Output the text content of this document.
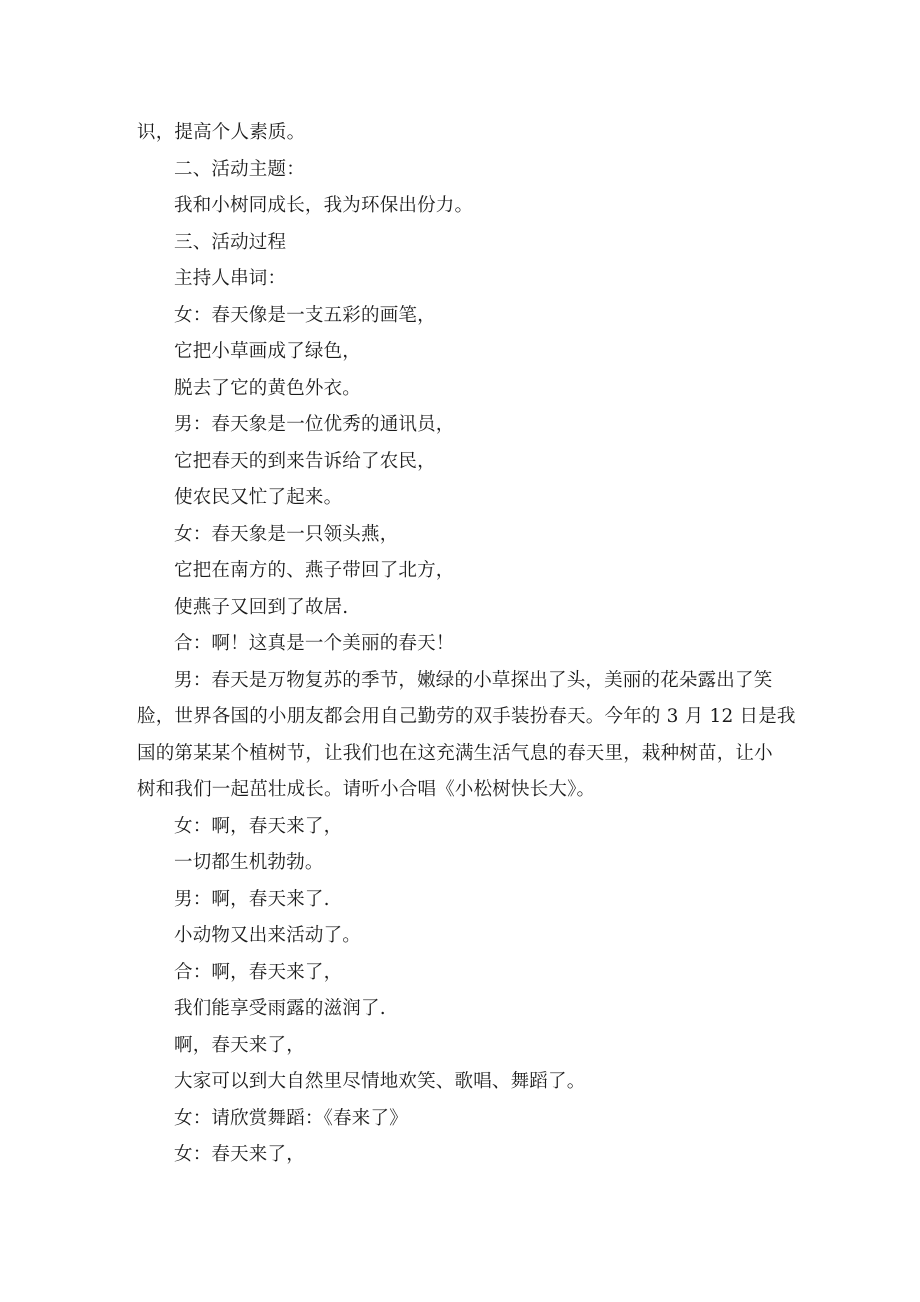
识，提高个人素质。
二、活动主题：
我和小树同成长，我为环保出份力。
三、活动过程
主持人串词：
女：春天像是一支五彩的画笔，
它把小草画成了绿色，
脱去了它的黄色外衣。
男：春天象是一位优秀的通讯员，
它把春天的到来告诉给了农民，
使农民又忙了起来。
女：春天象是一只领头燕，
它把在南方的、燕子带回了北方，
使燕子又回到了故居.
合：啊！这真是一个美丽的春天！
男：春天是万物复苏的季节，嫩绿的小草探出了头，美丽的花朵露出了笑
脸，世界各国的小朋友都会用自己勤劳的双手装扮春天。今年的 3 月 12 日是我
国的第某某个植树节，让我们也在这充满生活气息的春天里，栽种树苗，让小
树和我们一起茁壮成长。请听小合唱《小松树快长大》。
女：啊，春天来了，
一切都生机勃勃。
男：啊，春天来了.
小动物又出来活动了。
合：啊，春天来了，
我们能享受雨露的滋润了.
啊，春天来了，
大家可以到大自然里尽情地欢笑、歌唱、舞蹈了。
女：请欣赏舞蹈：《春来了》
女：春天来了，
